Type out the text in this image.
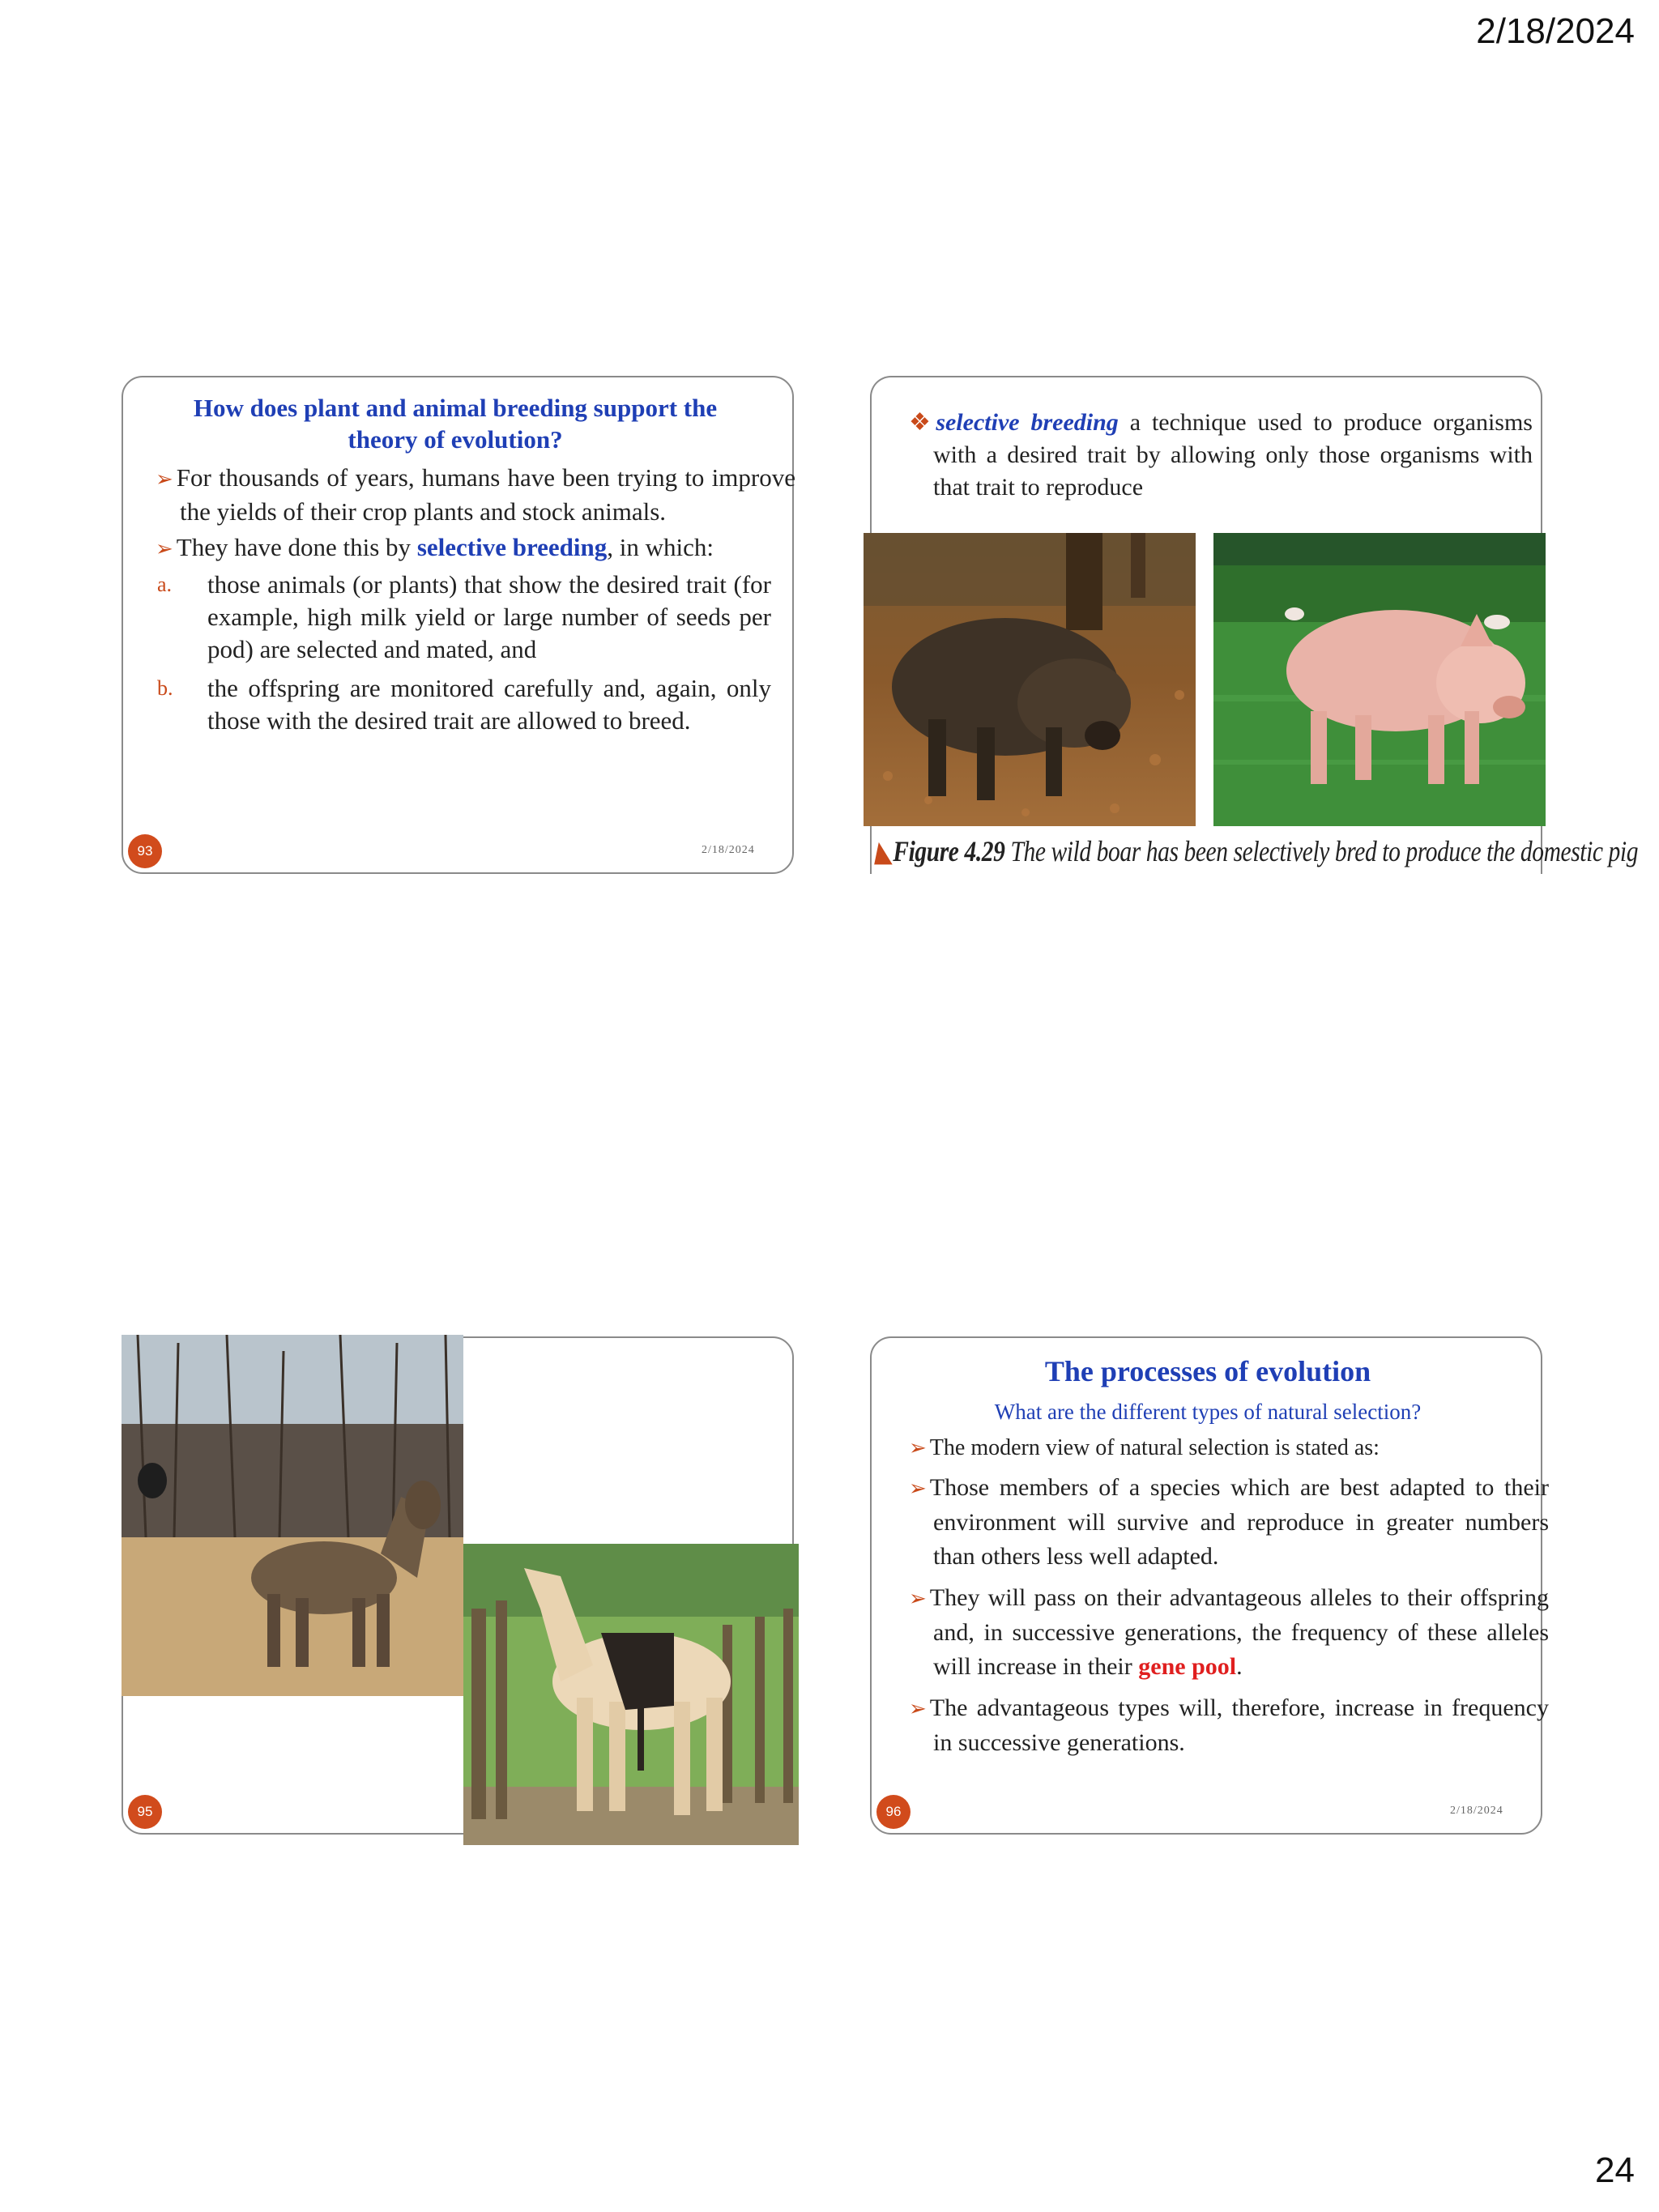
2/18/2024
How does plant and animal breeding support the theory of evolution?
➢ For thousands of years, humans have been trying to improve the yields of their crop plants and stock animals.
➢ They have done this by selective breeding, in which:
a.	those animals (or plants) that show the desired trait (for example, high milk yield or large number of seeds per pod) are selected and mated, and
b.	the offspring are monitored carefully and, again, only those with the desired trait are allowed to breed.
93	2/18/2024
❖selective breeding a technique used to produce organisms with a desired trait by allowing only those organisms with that trait to reproduce
◣Figure 4.29 The wild boar has been selectively bred to produce the domestic pig
95
The processes of evolution
What are the different types of natural selection?
➢ The modern view of natural selection is stated as:
➢ Those members of a species which are best adapted to their environment will survive and reproduce in greater numbers than others less well adapted.
➢ They will pass on their advantageous alleles to their offspring and, in successive generations, the frequency of these alleles will increase in their gene pool.
➢ The advantageous types will, therefore, increase in frequency in successive generations.
96	2/18/2024
24
